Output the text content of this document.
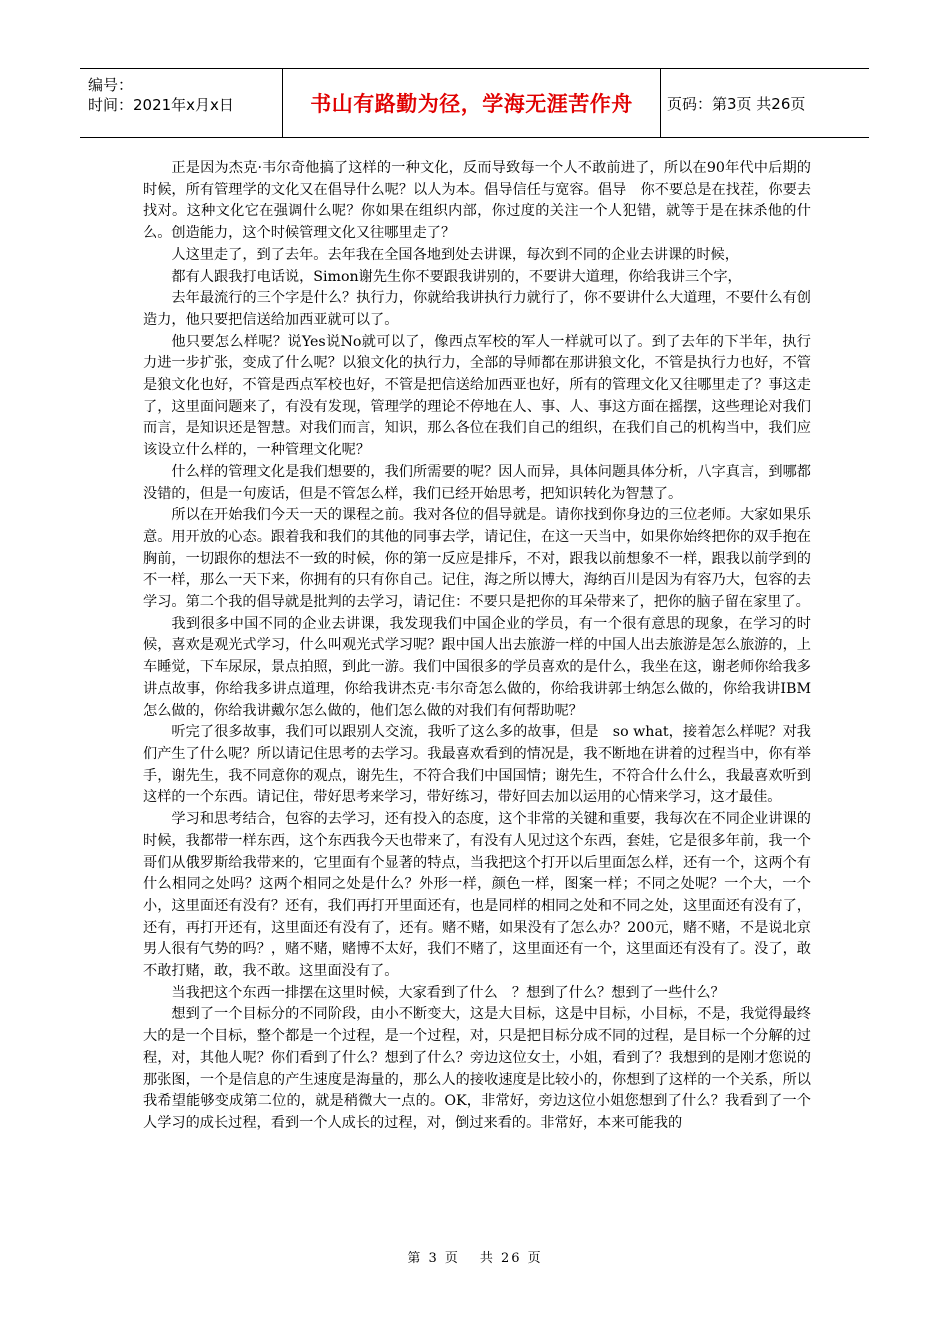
编号：
时间：2021年x月x日	书山有路勤为径，学海无涯苦作舟	页码：第3页 共26页

正是因为杰克·韦尔奇他搞了这样的一种文化，反而导致每一个人不敢前进了，所以在90年代中后期的时候，所有管理学的文化又在倡导什么呢？以人为本。倡导信任与宽容。倡导　你不要总是在找茬，你要去找对。这种文化它在强调什么呢？你如果在组织内部，你过度的关注一个人犯错，就等于是在抹杀他的什么。创造能力，这个时候管理文化又往哪里走了？

人这里走了，到了去年。去年我在全国各地到处去讲课，每次到不同的企业去讲课的时候，

都有人跟我打电话说，Simon谢先生你不要跟我讲别的，不要讲大道理，你给我讲三个字，

去年最流行的三个字是什么？执行力，你就给我讲执行力就行了，你不要讲什么大道理，不要什么有创造力，他只要把信送给加西亚就可以了。

他只要怎么样呢？说Yes说No就可以了，像西点军校的军人一样就可以了。到了去年的下半年，执行力进一步扩张，变成了什么呢？以狼文化的执行力，全部的导师都在那讲狼文化，不管是执行力也好，不管是狼文化也好，不管是西点军校也好，不管是把信送给加西亚也好，所有的管理文化又往哪里走了？事这走了，这里面问题来了，有没有发现，管理学的理论不停地在人、事、人、事这方面在摇摆，这些理论对我们而言，是知识还是智慧。对我们而言，知识，那么各位在我们自己的组织，在我们自己的机构当中，我们应该设立什么样的，一种管理文化呢？

什么样的管理文化是我们想要的，我们所需要的呢？因人而异，具体问题具体分析，八字真言，到哪都没错的，但是一句废话，但是不管怎么样，我们已经开始思考，把知识转化为智慧了。

所以在开始我们今天一天的课程之前。我对各位的倡导就是。请你找到你身边的三位老师。大家如果乐意。用开放的心态。跟着我和我们的其他的同事去学，请记住，在这一天当中，如果你始终把你的双手抱在胸前，一切跟你的想法不一致的时候，你的第一反应是排斥，不对，跟我以前想象不一样，跟我以前学到的不一样，那么一天下来，你拥有的只有你自己。记住，海之所以博大，海纳百川是因为有容乃大，包容的去学习。第二个我的倡导就是批判的去学习，请记住：不要只是把你的耳朵带来了，把你的脑子留在家里了。

我到很多中国不同的企业去讲课，我发现我们中国企业的学员，有一个很有意思的现象，在学习的时候，喜欢是观光式学习，什么叫观光式学习呢？跟中国人出去旅游一样的中国人出去旅游是怎么旅游的，上车睡觉，下车尿尿，景点拍照，到此一游。我们中国很多的学员喜欢的是什么，我坐在这，谢老师你给我多讲点故事，你给我多讲点道理，你给我讲杰克·韦尔奇怎么做的，你给我讲郭士纳怎么做的，你给我讲IBM怎么做的，你给我讲戴尔怎么做的，他们怎么做的对我们有何帮助呢？

听完了很多故事，我们可以跟别人交流，我听了这么多的故事，但是　so what，接着怎么样呢？对我们产生了什么呢？所以请记住思考的去学习。我最喜欢看到的情况是，我不断地在讲着的过程当中，你有举手，谢先生，我不同意你的观点，谢先生，不符合我们中国国情；谢先生，不符合什么什么，我最喜欢听到这样的一个东西。请记住，带好思考来学习，带好练习，带好回去加以运用的心情来学习，这才最佳。

学习和思考结合，包容的去学习，还有投入的态度，这个非常的关键和重要，我每次在不同企业讲课的时候，我都带一样东西，这个东西我今天也带来了，有没有人见过这个东西，套娃，它是很多年前，我一个哥们从俄罗斯给我带来的，它里面有个显著的特点，当我把这个打开以后里面怎么样，还有一个，这两个有什么相同之处吗？这两个相同之处是什么？外形一样，颜色一样，图案一样；不同之处呢？一个大，一个小，这里面还有没有？还有，我们再打开里面还有，也是同样的相同之处和不同之处，这里面还有没有了，还有，再打开还有，这里面还有没有了，还有。赌不赌，如果没有了怎么办？200元，赌不赌，不是说北京男人很有气势的吗？，赌不赌，赌博不太好，我们不赌了，这里面还有一个，这里面还有没有了。没了，敢不敢打赌，敢，我不敢。这里面没有了。

当我把这个东西一排摆在这里时候，大家看到了什么　？想到了什么？想到了一些什么？

想到了一个目标分的不同阶段，由小不断变大，这是大目标，这是中目标，小目标，不是，我觉得最终大的是一个目标，整个都是一个过程，是一个过程，对，只是把目标分成不同的过程，是目标一个分解的过程，对，其他人呢？你们看到了什么？想到了什么？旁边这位女士，小姐，看到了？我想到的是刚才您说的那张图，一个是信息的产生速度是海量的，那么人的接收速度是比较小的，你想到了这样的一个关系，所以我希望能够变成第二位的，就是稍微大一点的。OK，非常好，旁边这位小姐您想到了什么？我看到了一个人学习的成长过程，看到一个人成长的过程，对，倒过来看的。非常好，本来可能我的

第 3 页 共 26 页
